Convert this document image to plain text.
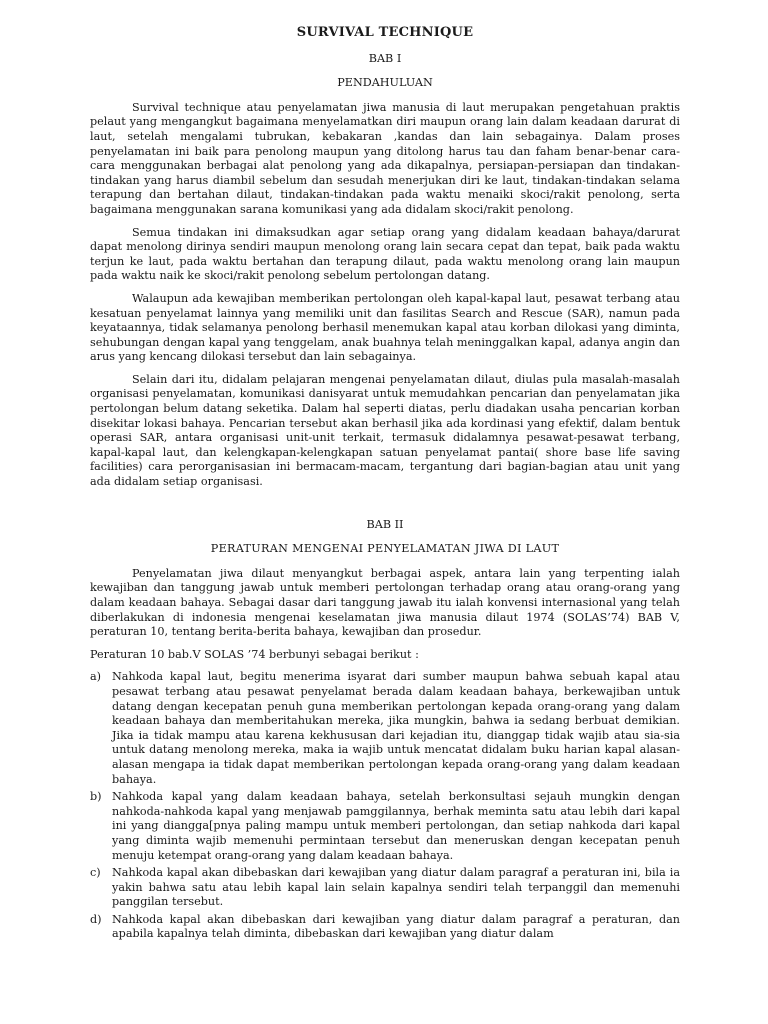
SURVIVAL TECHNIQUE
BAB I
PENDAHULUAN
Survival technique atau penyelamatan jiwa manusia di laut merupakan pengetahuan praktis pelaut yang mengangkut bagaimana menyelamatkan diri maupun orang lain dalam keadaan darurat di laut, setelah mengalami tubrukan, kebakaran ,kandas dan lain sebagainya. Dalam proses penyelamatan ini baik para penolong maupun yang ditolong harus tau dan faham benar-benar cara-cara menggunakan berbagai alat penolong yang ada dikapalnya, persiapan-persiapan dan tindakan-tindakan yang harus diambil sebelum dan sesudah menerjukan diri ke laut, tindakan-tindakan selama terapung dan bertahan dilaut, tindakan-tindakan pada waktu menaiki skoci/rakit penolong, serta bagaimana menggunakan sarana komunikasi yang ada didalam skoci/rakit penolong.
Semua tindakan ini dimaksudkan agar setiap orang yang didalam keadaan bahaya/darurat dapat menolong dirinya sendiri maupun menolong orang lain secara cepat dan tepat, baik pada waktu terjun ke laut, pada waktu bertahan dan terapung dilaut, pada waktu menolong orang lain maupun pada waktu naik ke skoci/rakit penolong sebelum pertolongan datang.
Walaupun ada kewajiban memberikan pertolongan oleh kapal-kapal laut, pesawat terbang atau kesatuan penyelamat lainnya yang memiliki unit dan fasilitas Search and Rescue (SAR), namun pada keyataannya, tidak selamanya penolong berhasil menemukan kapal atau korban dilokasi yang diminta, sehubungan dengan kapal yang tenggelam, anak buahnya telah meninggalkan kapal, adanya angin dan arus yang kencang dilokasi tersebut dan lain sebagainya.
Selain dari itu, didalam pelajaran mengenai penyelamatan dilaut, diulas pula masalah-masalah organisasi penyelamatan, komunikasi danisyarat untuk memudahkan pencarian dan penyelamatan jika pertolongan belum datang seketika. Dalam hal seperti diatas, perlu diadakan usaha pencarian korban disekitar lokasi bahaya. Pencarian tersebut akan berhasil jika ada kordinasi yang efektif, dalam bentuk operasi SAR, antara organisasi unit-unit terkait, termasuk didalamnya pesawat-pesawat terbang, kapal-kapal laut, dan kelengkapan-kelengkapan satuan penyelamat pantai( shore base life saving facilities) cara perorganisasian ini bermacam-macam, tergantung dari bagian-bagian atau unit yang ada didalam setiap organisasi.
BAB II
PERATURAN MENGENAI PENYELAMATAN JIWA DI LAUT
Penyelamatan jiwa dilaut menyangkut berbagai aspek, antara lain yang terpenting ialah kewajiban dan tanggung jawab untuk memberi pertolongan terhadap orang atau orang-orang yang dalam keadaan bahaya. Sebagai dasar dari tanggung jawab itu ialah konvensi internasional yang telah diberlakukan di indonesia mengenai keselamatan jiwa manusia dilaut 1974 (SOLAS’74) BAB V, peraturan 10, tentang berita-berita bahaya, kewajiban dan prosedur.
Peraturan 10 bab.V SOLAS ’74 berbunyi sebagai berikut :
a) Nahkoda kapal laut, begitu menerima isyarat dari sumber maupun bahwa sebuah kapal atau pesawat terbang atau pesawat penyelamat berada dalam keadaan bahaya, berkewajiban untuk datang dengan kecepatan penuh guna memberikan pertolongan kepada orang-orang yang dalam keadaan bahaya dan memberitahukan mereka, jika mungkin, bahwa ia sedang berbuat demikian. Jika ia tidak mampu atau karena kekhususan dari kejadian itu, dianggap tidak wajib atau sia-sia untuk datang menolong mereka, maka ia wajib untuk mencatat didalam buku harian kapal alasan-alasan mengapa ia tidak dapat memberikan pertolongan kepada orang-orang yang dalam keadaan bahaya.
b) Nahkoda kapal yang dalam keadaan bahaya, setelah berkonsultasi sejauh mungkin dengan nahkoda-nahkoda kapal yang menjawab pamggilannya, berhak meminta satu atau lebih dari kapal ini yang diangga[pnya paling mampu untuk memberi pertolongan, dan setiap nahkoda dari kapal yang diminta wajib memenuhi permintaan tersebut dan meneruskan dengan kecepatan penuh menuju ketempat orang-orang yang dalam keadaan bahaya.
c) Nahkoda kapal akan dibebaskan dari kewajiban yang diatur dalam paragraf a peraturan ini, bila ia yakin bahwa satu atau lebih kapal lain selain kapalnya sendiri telah terpanggil dan memenuhi panggilan tersebut.
d) Nahkoda kapal akan dibebaskan dari kewajiban yang diatur dalam paragraf a peraturan, dan apabila kapalnya telah diminta, dibebaskan dari kewajiban yang diatur dalam
